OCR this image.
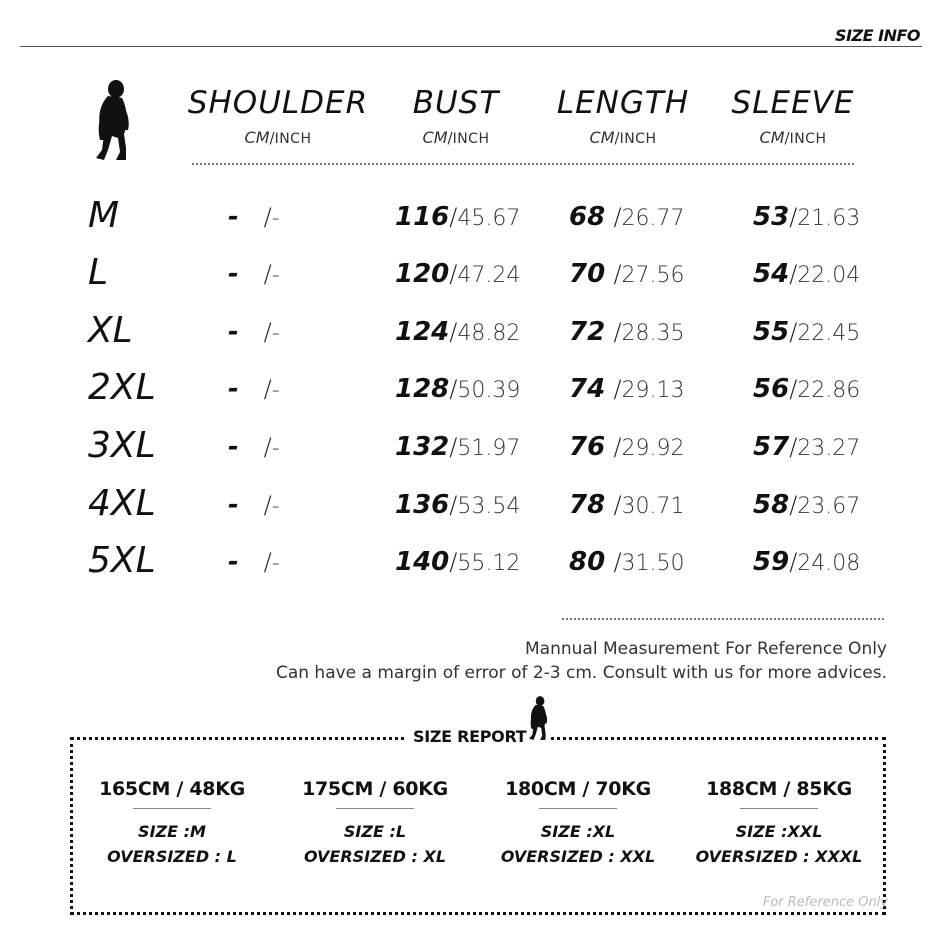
SIZE INFO
SHOULDER
CM/INCH
BUST
CM/INCH
LENGTH
CM/INCH
SLEEVE
CM/INCH
M	- /-	116/45.67 68 /26.77	53/21.63
L	- /-	120/47.24 70 /27.56	54/22.04
XL	- /-	124/48.82 72 /28.35	55/22.45
2XL	- /-	128/50.39 74 /29.13	56/22.86
3XL	- /-	132/51.97 76 /29.92	57/23.27
4XL	- /-	136/53.54 78 /30.71	58/23.67
5XL	- /-	140/55.12 80 /31.50	59/24.08
Mannual Measurement For Reference Only
Can have a margin of error of 2-3 cm. Consult with us for more advices.
SIZE REPORT
165CM / 48KG
SIZE :M
OVERSIZED : L
175CM / 60KG
SIZE :L
OVERSIZED : XL
180CM / 70KG
SIZE :XL
OVERSIZED : XXL
188CM / 85KG
SIZE :XXL
OVERSIZED : XXXL
For Reference Only
